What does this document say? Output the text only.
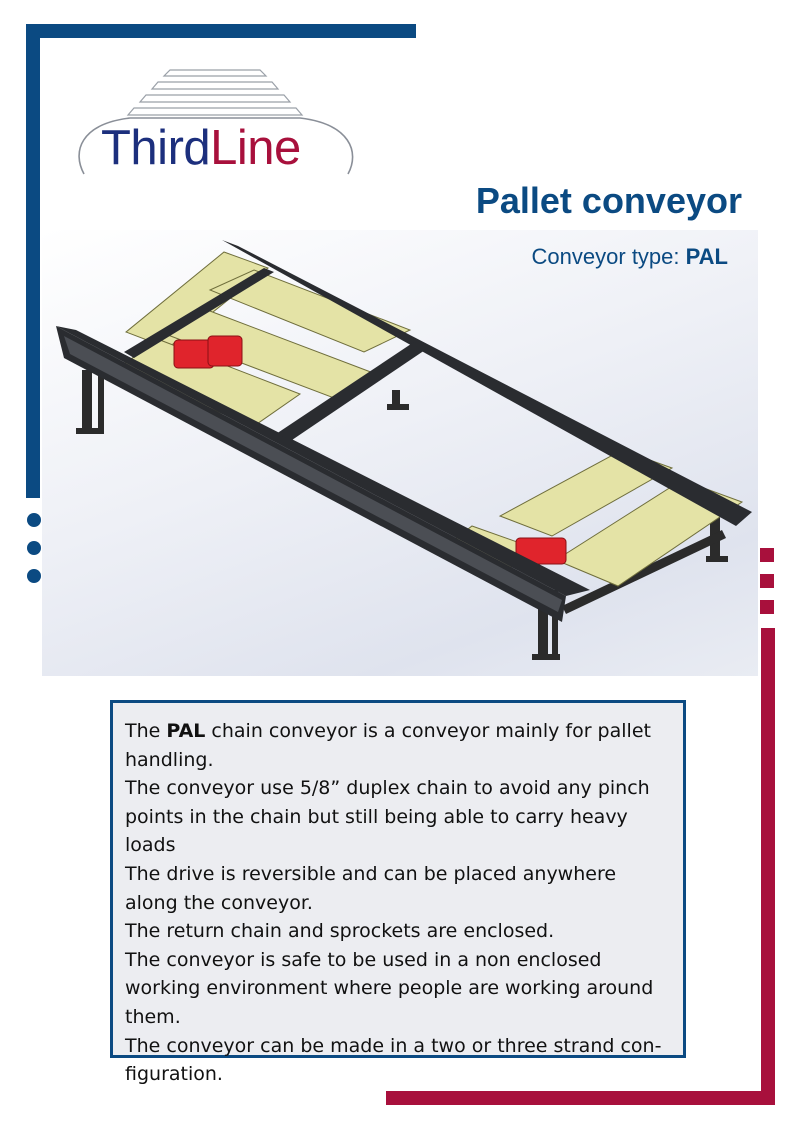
ThirdLine
Pallet conveyor
Conveyor type: PAL

The PAL chain conveyor is a conveyor mainly for pallet handling.

The conveyor use 5/8” duplex chain to avoid any pinch points in the chain but still being able to carry heavy loads

The drive is reversible and can be placed anywhere along the conveyor.

The return chain and sprockets are enclosed.

The conveyor is safe to be used in a non enclosed working environment where people are working around them.

The conveyor can be made in a two or three strand con-figuration.
